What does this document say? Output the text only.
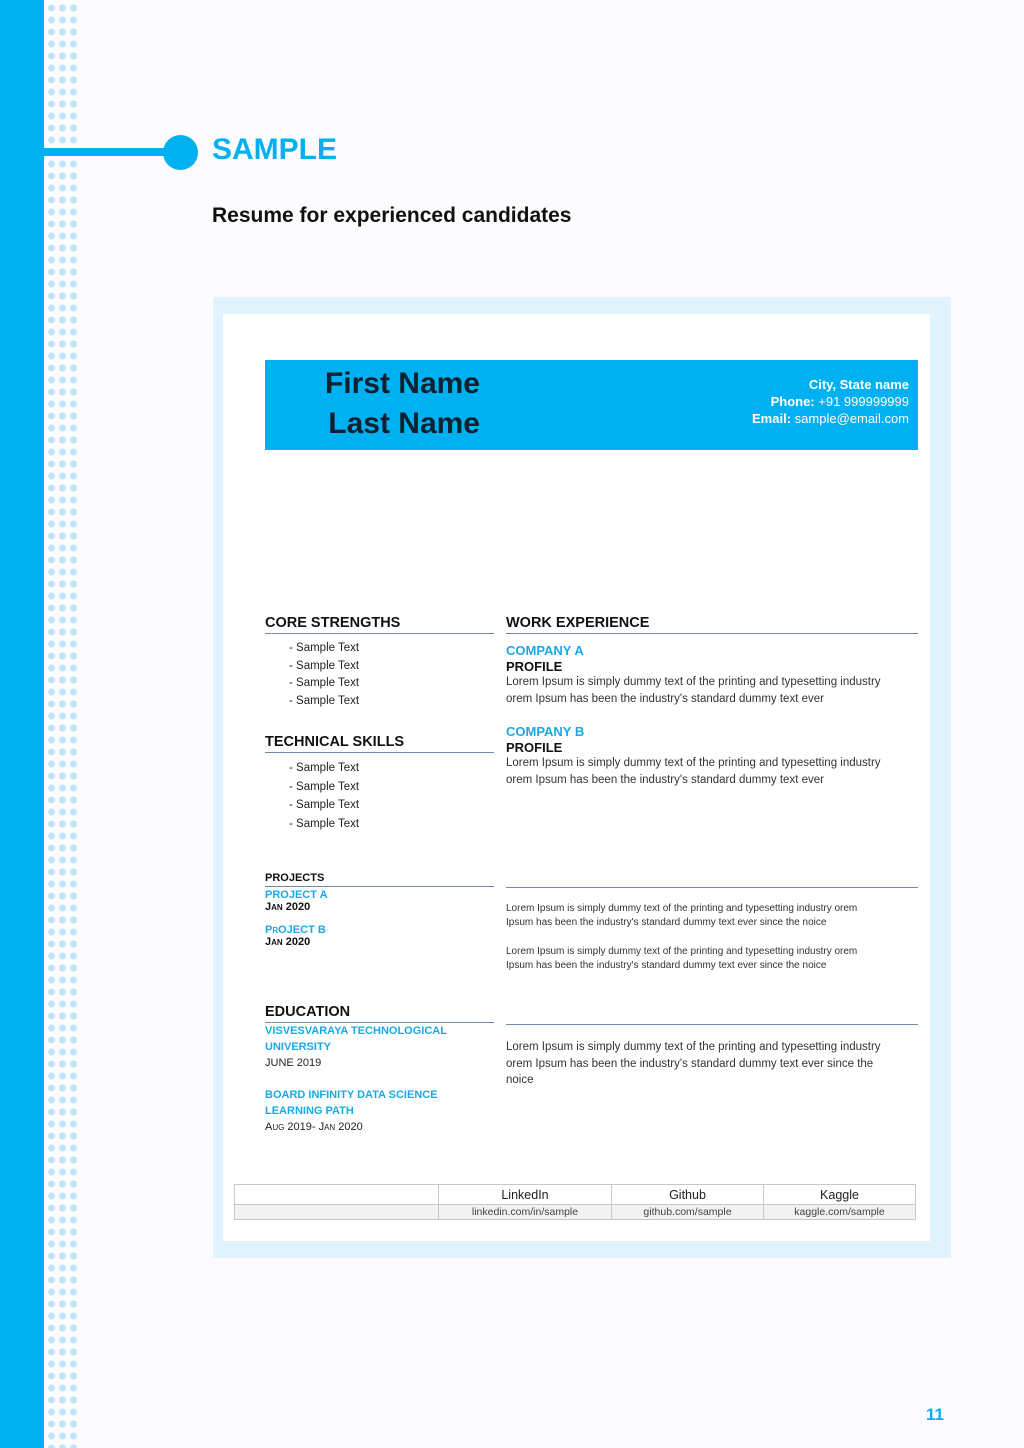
SAMPLE
Resume for experienced candidates
First Name
Last Name
City, State name
Phone: +91 999999999
Email: sample@email.com
CORE STRENGTHS
- Sample Text
- Sample Text
- Sample Text
- Sample Text
TECHNICAL SKILLS
- Sample Text
- Sample Text
- Sample Text
- Sample Text
WORK EXPERIENCE
COMPANY A
PROFILE
Lorem Ipsum is simply dummy text of the printing and typesetting industry
orem Ipsum has been the industry's standard dummy text ever
COMPANY B
PROFILE
Lorem Ipsum is simply dummy text of the printing and typesetting industry
orem Ipsum has been the industry's standard dummy text ever
PROJECTS
PROJECT A
Jan 2020
PrOJECT B
Jan 2020
Lorem Ipsum is simply dummy text of the printing and typesetting industry orem
Ipsum has been the industry's standard dummy text ever since the noice
Lorem Ipsum is simply dummy text of the printing and typesetting industry orem
Ipsum has been the industry's standard dummy text ever since the noice
EDUCATION
VISVESVARAYA TECHNOLOGICAL
UNIVERSITY
JUNE 2019
BOARD INFINITY DATA SCIENCE
LEARNING PATH
Aug 2019- Jan 2020
Lorem Ipsum is simply dummy text of the printing and typesetting industry
orem Ipsum has been the industry's standard dummy text ever since the
noice
	LinkedIn	Github	Kaggle
	linkedin.com/in/sample	github.com/sample	kaggle.com/sample
11
